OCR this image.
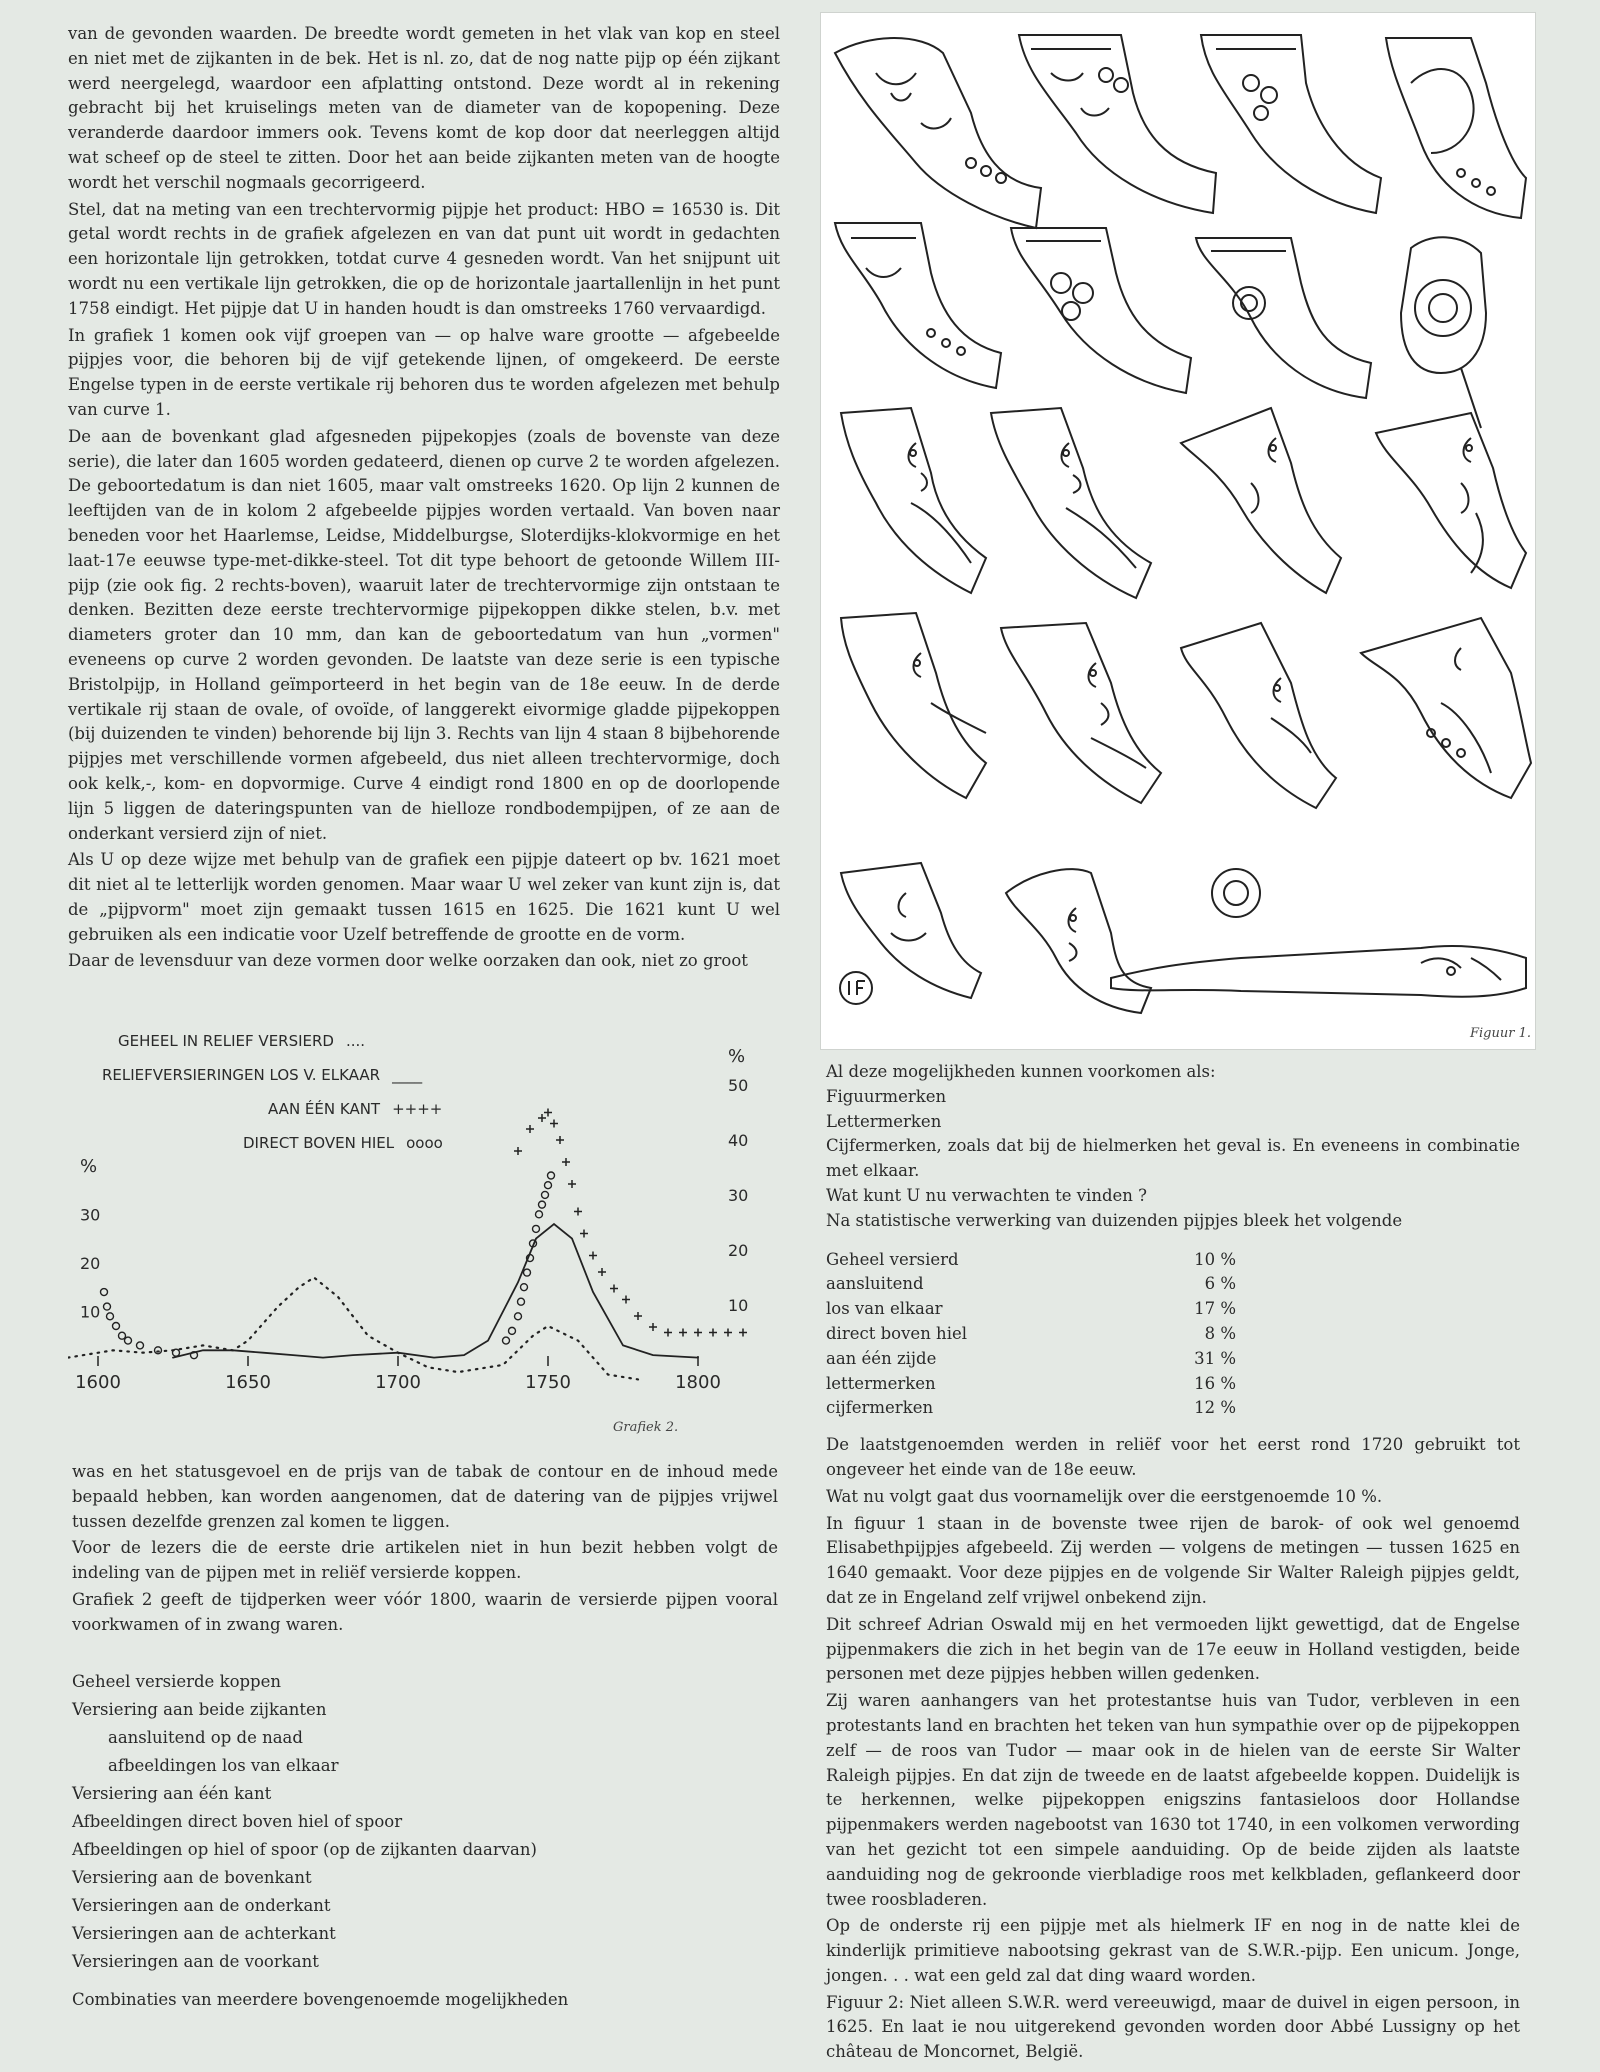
van de gevonden waarden. De breedte wordt gemeten in het vlak van kop en steel en niet met de zijkanten in de bek. Het is nl. zo, dat de nog natte pijp op één zijkant werd neergelegd, waardoor een afplatting ontstond. Deze wordt al in rekening gebracht bij het kruiselings meten van de diameter van de kopopening. Deze veranderde daardoor immers ook. Tevens komt de kop door dat neerleggen altijd wat scheef op de steel te zitten. Door het aan beide zijkanten meten van de hoogte wordt het verschil nogmaals gecorrigeerd.

Stel, dat na meting van een trechtervormig pijpje het product: HBO = 16530 is. Dit getal wordt rechts in de grafiek afgelezen en van dat punt uit wordt in gedachten een horizontale lijn getrokken, totdat curve 4 gesneden wordt. Van het snijpunt uit wordt nu een vertikale lijn getrokken, die op de horizontale jaartallenlijn in het punt 1758 eindigt. Het pijpje dat U in handen houdt is dan omstreeks 1760 vervaardigd.

In grafiek 1 komen ook vijf groepen van — op halve ware grootte — afgebeelde pijpjes voor, die behoren bij de vijf getekende lijnen, of omgekeerd. De eerste Engelse typen in de eerste vertikale rij behoren dus te worden afgelezen met behulp van curve 1.

De aan de bovenkant glad afgesneden pijpekopjes (zoals de bovenste van deze serie), die later dan 1605 worden gedateerd, dienen op curve 2 te worden afgelezen. De geboortedatum is dan niet 1605, maar valt omstreeks 1620. Op lijn 2 kunnen de leeftijden van de in kolom 2 afgebeelde pijpjes worden vertaald. Van boven naar beneden voor het Haarlemse, Leidse, Middelburgse, Sloterdijks-klokvormige en het laat-17e eeuwse type-met-dikke-steel. Tot dit type behoort de getoonde Willem III-pijp (zie ook fig. 2 rechts-boven), waaruit later de trechtervormige zijn ontstaan te denken. Bezitten deze eerste trechtervormige pijpekoppen dikke stelen, b.v. met diameters groter dan 10 mm, dan kan de geboortedatum van hun „vormen" eveneens op curve 2 worden gevonden. De laatste van deze serie is een typische Bristolpijp, in Holland geïmporteerd in het begin van de 18e eeuw. In de derde vertikale rij staan de ovale, of ovoïde, of langgerekt eivormige gladde pijpekoppen (bij duizenden te vinden) behorende bij lijn 3. Rechts van lijn 4 staan 8 bijbehorende pijpjes met verschillende vormen afgebeeld, dus niet alleen trechtervormige, doch ook kelk,-, kom- en dopvormige. Curve 4 eindigt rond 1800 en op de doorlopende lijn 5 liggen de dateringspunten van de hielloze rondbodempijpen, of ze aan de onderkant versierd zijn of niet.

Als U op deze wijze met behulp van de grafiek een pijpje dateert op bv. 1621 moet dit niet al te letterlijk worden genomen. Maar waar U wel zeker van kunt zijn is, dat de „pijpvorm" moet zijn gemaakt tussen 1615 en 1625. Die 1621 kunt U wel gebruiken als een indicatie voor Uzelf betreffende de grootte en de vorm.

Daar de levensduur van deze vormen door welke oorzaken dan ook, niet zo groot

Figuur 1.
GEHEEL IN RELIEF VERSIERD ....
RELIEFVERSIERINGEN LOS V. ELKAAR ____
AAN ÉÉN KANT ++++
DIRECT BOVEN HIEL oooo
1600	1650	1700	1750	1800
%
10
20
30
%
10
20
30
40
50
Grafiek 2.

was en het statusgevoel en de prijs van de tabak de contour en de inhoud mede bepaald hebben, kan worden aangenomen, dat de datering van de pijpjes vrijwel tussen dezelfde grenzen zal komen te liggen.

Voor de lezers die de eerste drie artikelen niet in hun bezit hebben volgt de indeling van de pijpen met in reliëf versierde koppen.

Grafiek 2 geeft de tijdperken weer vóór 1800, waarin de versierde pijpen vooral voorkwamen of in zwang waren.

Geheel versierde koppen
Versiering aan beide zijkanten
aansluitend op de naad
afbeeldingen los van elkaar
Versiering aan één kant
Afbeeldingen direct boven hiel of spoor
Afbeeldingen op hiel of spoor (op de zijkanten daarvan)
Versiering aan de bovenkant
Versieringen aan de onderkant
Versieringen aan de achterkant
Versieringen aan de voorkant
Combinaties van meerdere bovengenoemde mogelijkheden
Al deze mogelijkheden kunnen voorkomen als:
Figuurmerken
Lettermerken
Cijfermerken, zoals dat bij de hielmerken het geval is. En eveneens in combinatie met elkaar.
Wat kunt U nu verwachten te vinden ?
Na statistische verwerking van duizenden pijpjes bleek het volgende
Geheel versierd	10 %
aansluitend	6 %
los van elkaar	17 %
direct boven hiel	8 %
aan één zijde	31 %
lettermerken	16 %
cijfermerken	12 %

De laatstgenoemden werden in reliëf voor het eerst rond 1720 gebruikt tot ongeveer het einde van de 18e eeuw.

Wat nu volgt gaat dus voornamelijk over die eerstgenoemde 10 %.

In figuur 1 staan in de bovenste twee rijen de barok- of ook wel genoemd Elisabethpijpjes afgebeeld. Zij werden — volgens de metingen — tussen 1625 en 1640 gemaakt. Voor deze pijpjes en de volgende Sir Walter Raleigh pijpjes geldt, dat ze in Engeland zelf vrijwel onbekend zijn.

Dit schreef Adrian Oswald mij en het vermoeden lijkt gewettigd, dat de Engelse pijpenmakers die zich in het begin van de 17e eeuw in Holland vestigden, beide personen met deze pijpjes hebben willen gedenken.

Zij waren aanhangers van het protestantse huis van Tudor, verbleven in een protestants land en brachten het teken van hun sympathie over op de pijpekoppen zelf — de roos van Tudor — maar ook in de hielen van de eerste Sir Walter Raleigh pijpjes. En dat zijn de tweede en de laatst afgebeelde koppen. Duidelijk is te herkennen, welke pijpekoppen enigszins fantasieloos door Hollandse pijpenmakers werden nagebootst van 1630 tot 1740, in een volkomen verwording van het gezicht tot een simpele aanduiding. Op de beide zijden als laatste aanduiding nog de gekroonde vierbladige roos met kelkbladen, geflankeerd door twee roosbladeren.

Op de onderste rij een pijpje met als hielmerk IF en nog in de natte klei de kinderlijk primitieve nabootsing gekrast van de S.W.R.-pijp. Een unicum. Jonge, jongen. . . wat een geld zal dat ding waard worden.

Figuur 2: Niet alleen S.W.R. werd vereeuwigd, maar de duivel in eigen persoon, in 1625. En laat ie nou uitgerekend gevonden worden door Abbé Lussigny op het château de Moncornet, België.
